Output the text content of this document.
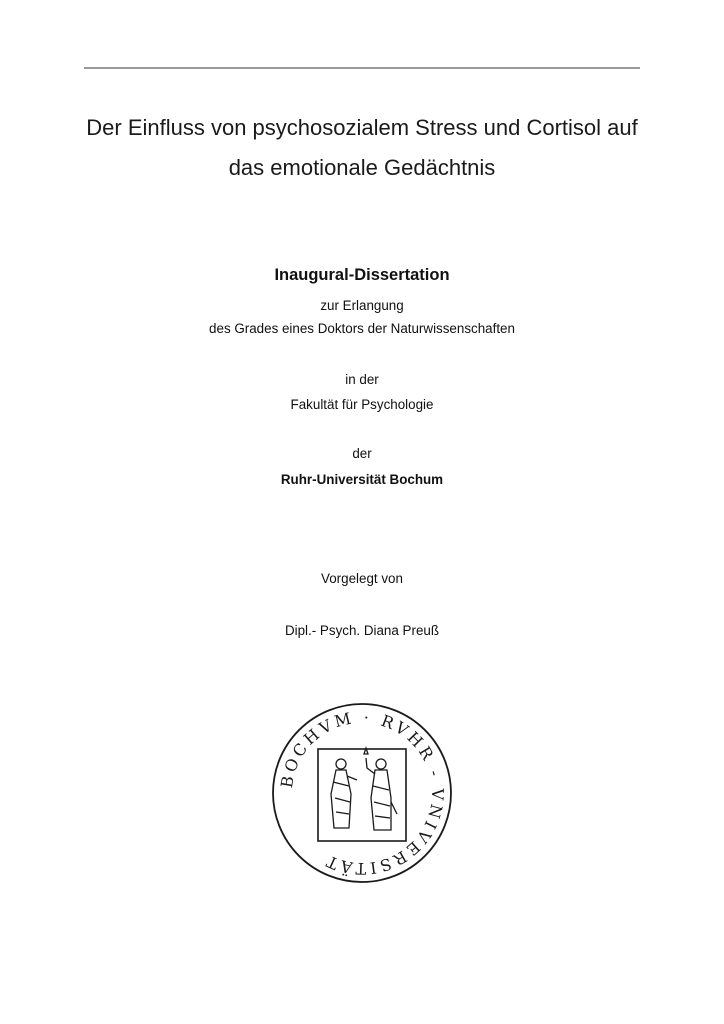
Der Einfluss von psychosozialem Stress und Cortisol auf
das emotionale Gedächtnis
Inaugural-Dissertation
zur Erlangung
des Grades eines Doktors der Naturwissenschaften
in der
Fakultät für Psychologie
der
Ruhr-Universität Bochum
Vorgelegt von
Dipl.- Psych. Diana Preuß
BOCHVM · RVHR - VNIVERSITÄT
